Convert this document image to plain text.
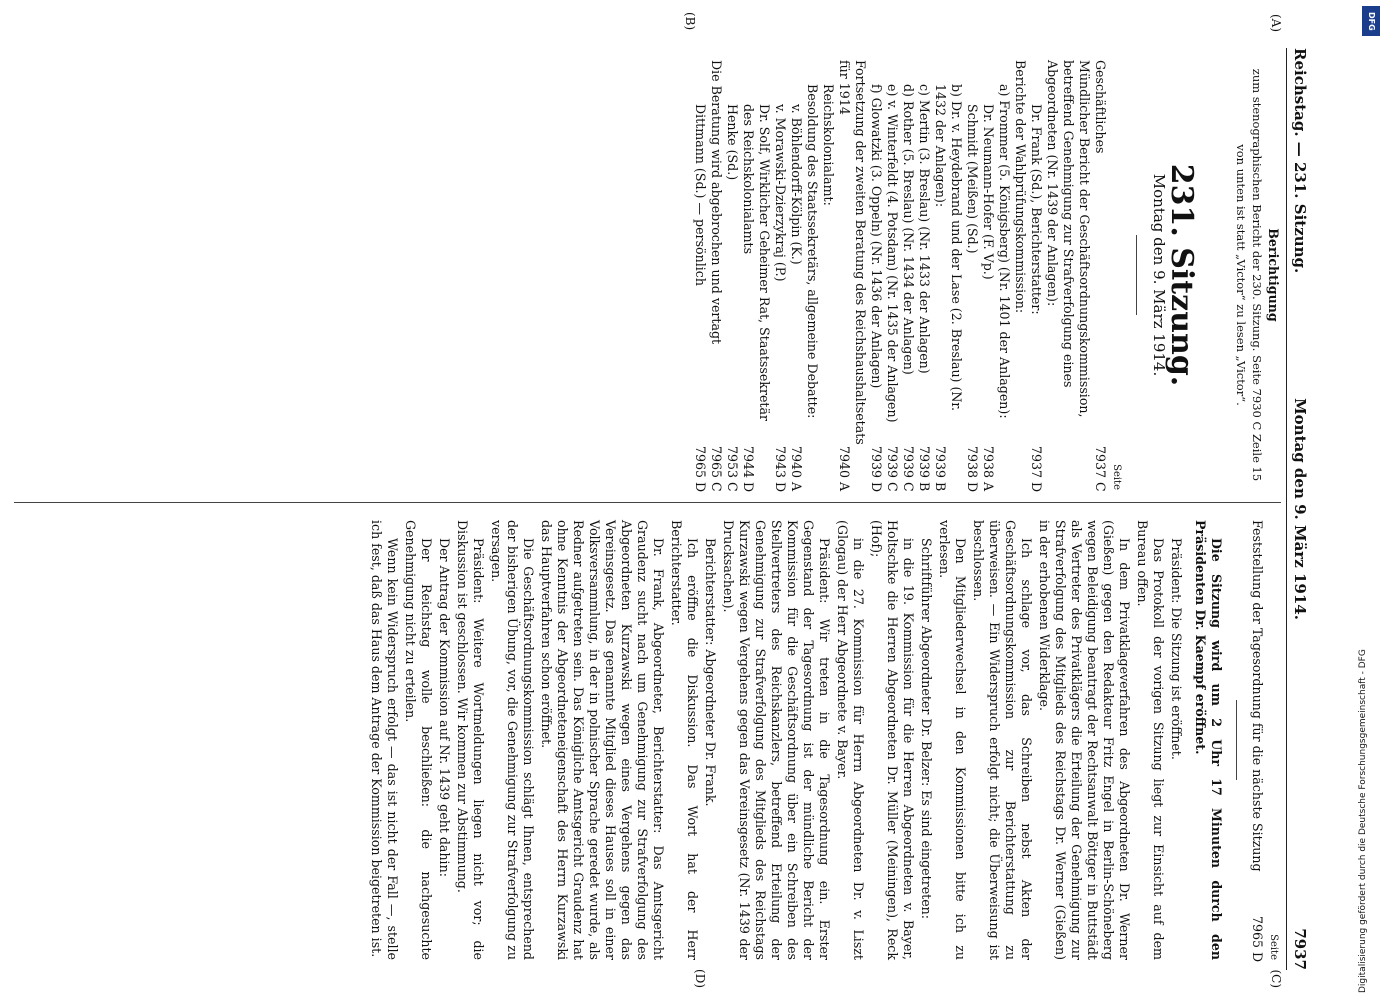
Reichstag. — 231. Sitzung.
Montag den 9. März 1914.
7937
(A)
(B)
(C)
(D)
Berichtigung

zum stenographischen Bericht der 230. Sitzung. Seite 7930 C Zeile 15 von unten ist statt „Victor“ zu lesen „Victor“.

231. Sitzung.
Montag den 9. März 1914.
Seite
Geschäftliches
7937 C
Mündlicher Bericht der Geschäftsordnungskommission, betreffend Genehmigung zur Strafverfolgung eines Abgeordneten (Nr. 1439 der Anlagen):
Dr. Frank (Sd.), Berichterstatter:
7937 D
Berichte der Wahlprüfungskommission:
a) Frommer (5. Königsberg) (Nr. 1401 der Anlagen):
Dr. Neumann-Hofer (F. Vp.)
7938 A
Schmidt (Meißen) (Sd.)
7938 D
b) Dr. v. Heydebrand und der Lase (2. Breslau) (Nr. 1432 der Anlagen):
7939 B
c) Mertin (3. Breslau) (Nr. 1433 der Anlagen)
7939 B
d) Rother (5. Breslau) (Nr. 1434 der Anlagen)
7939 C
e) v. Winterfeldt (4. Potsdam) (Nr. 1435 der Anlagen)
7939 C
f) Glowatzki (3. Oppeln) (Nr. 1436 der Anlagen)
7939 D
Fortsetzung der zweiten Beratung des Reichshaushaltsetats für 1914
7940 A
Reichskolonialamt:
Besoldung des Staatssekretärs, allgemeine Debatte:
v. Böhlendorff-Kölpin (K.)
7940 A
v. Morawski-Dzierzykraj (P.)
7943 D
Dr. Solf, Wirklicher Geheimer Rat, Staatssekretär des Reichskolonialamts
7944 D
Henke (Sd.)
7953 C
Die Beratung wird abgebrochen und vertagt
7965 C
Dittmann (Sd.) — persönlich
7965 D
Seite
Feststellung der Tagesordnung für die nächste Sitzung
7965 D

Die Sitzung wird um 2 Uhr 17 Minuten durch den Präsidenten Dr. Kaempf eröffnet.

Präsident: Die Sitzung ist eröffnet.

Das Protokoll der vorigen Sitzung liegt zur Einsicht auf dem Bureau offen.

In dem Privatklageverfahren des Abgeordneten Dr. Werner (Gießen) gegen den Redakteur Fritz Engel in Berlin-Schöneberg wegen Beleidigung beantragt der Rechtsanwalt Böttger in Buttstädt als Vertreter des Privatklägers die Erteilung der Genehmigung zur Strafverfolgung des Mitglieds des Reichstags Dr. Werner (Gießen) in der erhobenen Widerklage.

Ich schlage vor, das Schreiben nebst Akten der Geschäftsordnungskommission zur Berichterstattung zu überweisen. — Ein Widerspruch erfolgt nicht; die Überweisung ist beschlossen.

Den Mitgliederwechsel in den Kommissionen bitte ich zu verlesen.

Schriftführer Abgeordneter Dr. Belzer: Es sind eingetreten:

in die 19. Kommission für die Herren Abgeordneten v. Bayer, Holtschke die Herren Abgeordneten Dr. Müller (Meiningen), Reck (Hof);

in die 27. Kommission für Herrn Abgeordneten Dr. v. Liszt (Glogau) der Herr Abgeordnete v. Bayer.

Präsident: Wir treten in die Tagesordnung ein. Erster Gegenstand der Tagesordnung ist der mündliche Bericht der Kommission für die Geschäftsordnung über ein Schreiben des Stellvertreters des Reichskanzlers, betreffend Erteilung der Genehmigung zur Strafverfolgung des Mitglieds des Reichstags Kurzawski wegen Vergehens gegen das Vereinsgesetz (Nr. 1439 der Drucksachen).

Berichterstatter: Abgeordneter Dr. Frank.

Ich eröffne die Diskussion. Das Wort hat der Herr Berichterstatter.

Dr. Frank, Abgeordneter, Berichterstatter: Das Amtsgericht Graudenz sucht nach um Genehmigung zur Strafverfolgung des Abgeordneten Kurzawski wegen eines Vergehens gegen das Vereinsgesetz. Das genannte Mitglied dieses Hauses soll in einer Volksversammlung, in der in polnischer Sprache geredet wurde, als Redner aufgetreten sein. Das Königliche Amtsgericht Graudenz hat ohne Kenntnis der Abgeordneteneigenschaft des Herrn Kurzawski das Hauptverfahren schon eröffnet.

Die Geschäftsordnungskommission schlägt Ihnen, entsprechend der bisherigen Übung, vor, die Genehmigung zur Strafverfolgung zu versagen.

Präsident: Weitere Wortmeldungen liegen nicht vor; die Diskussion ist geschlossen. Wir kommen zur Abstimmung.

Der Antrag der Kommission auf Nr. 1439 geht dahin:

Der Reichstag wolle beschließen: die nachgesuchte Genehmigung nicht zu erteilen.

Wenn kein Widerspruch erfolgt — das ist nicht der Fall —, stelle ich fest, daß das Haus dem Antrage der Kommission beigetreten ist.

DFG
Digitalisierung gefördert durch die Deutsche Forschungsgemeinschaft - DFG
